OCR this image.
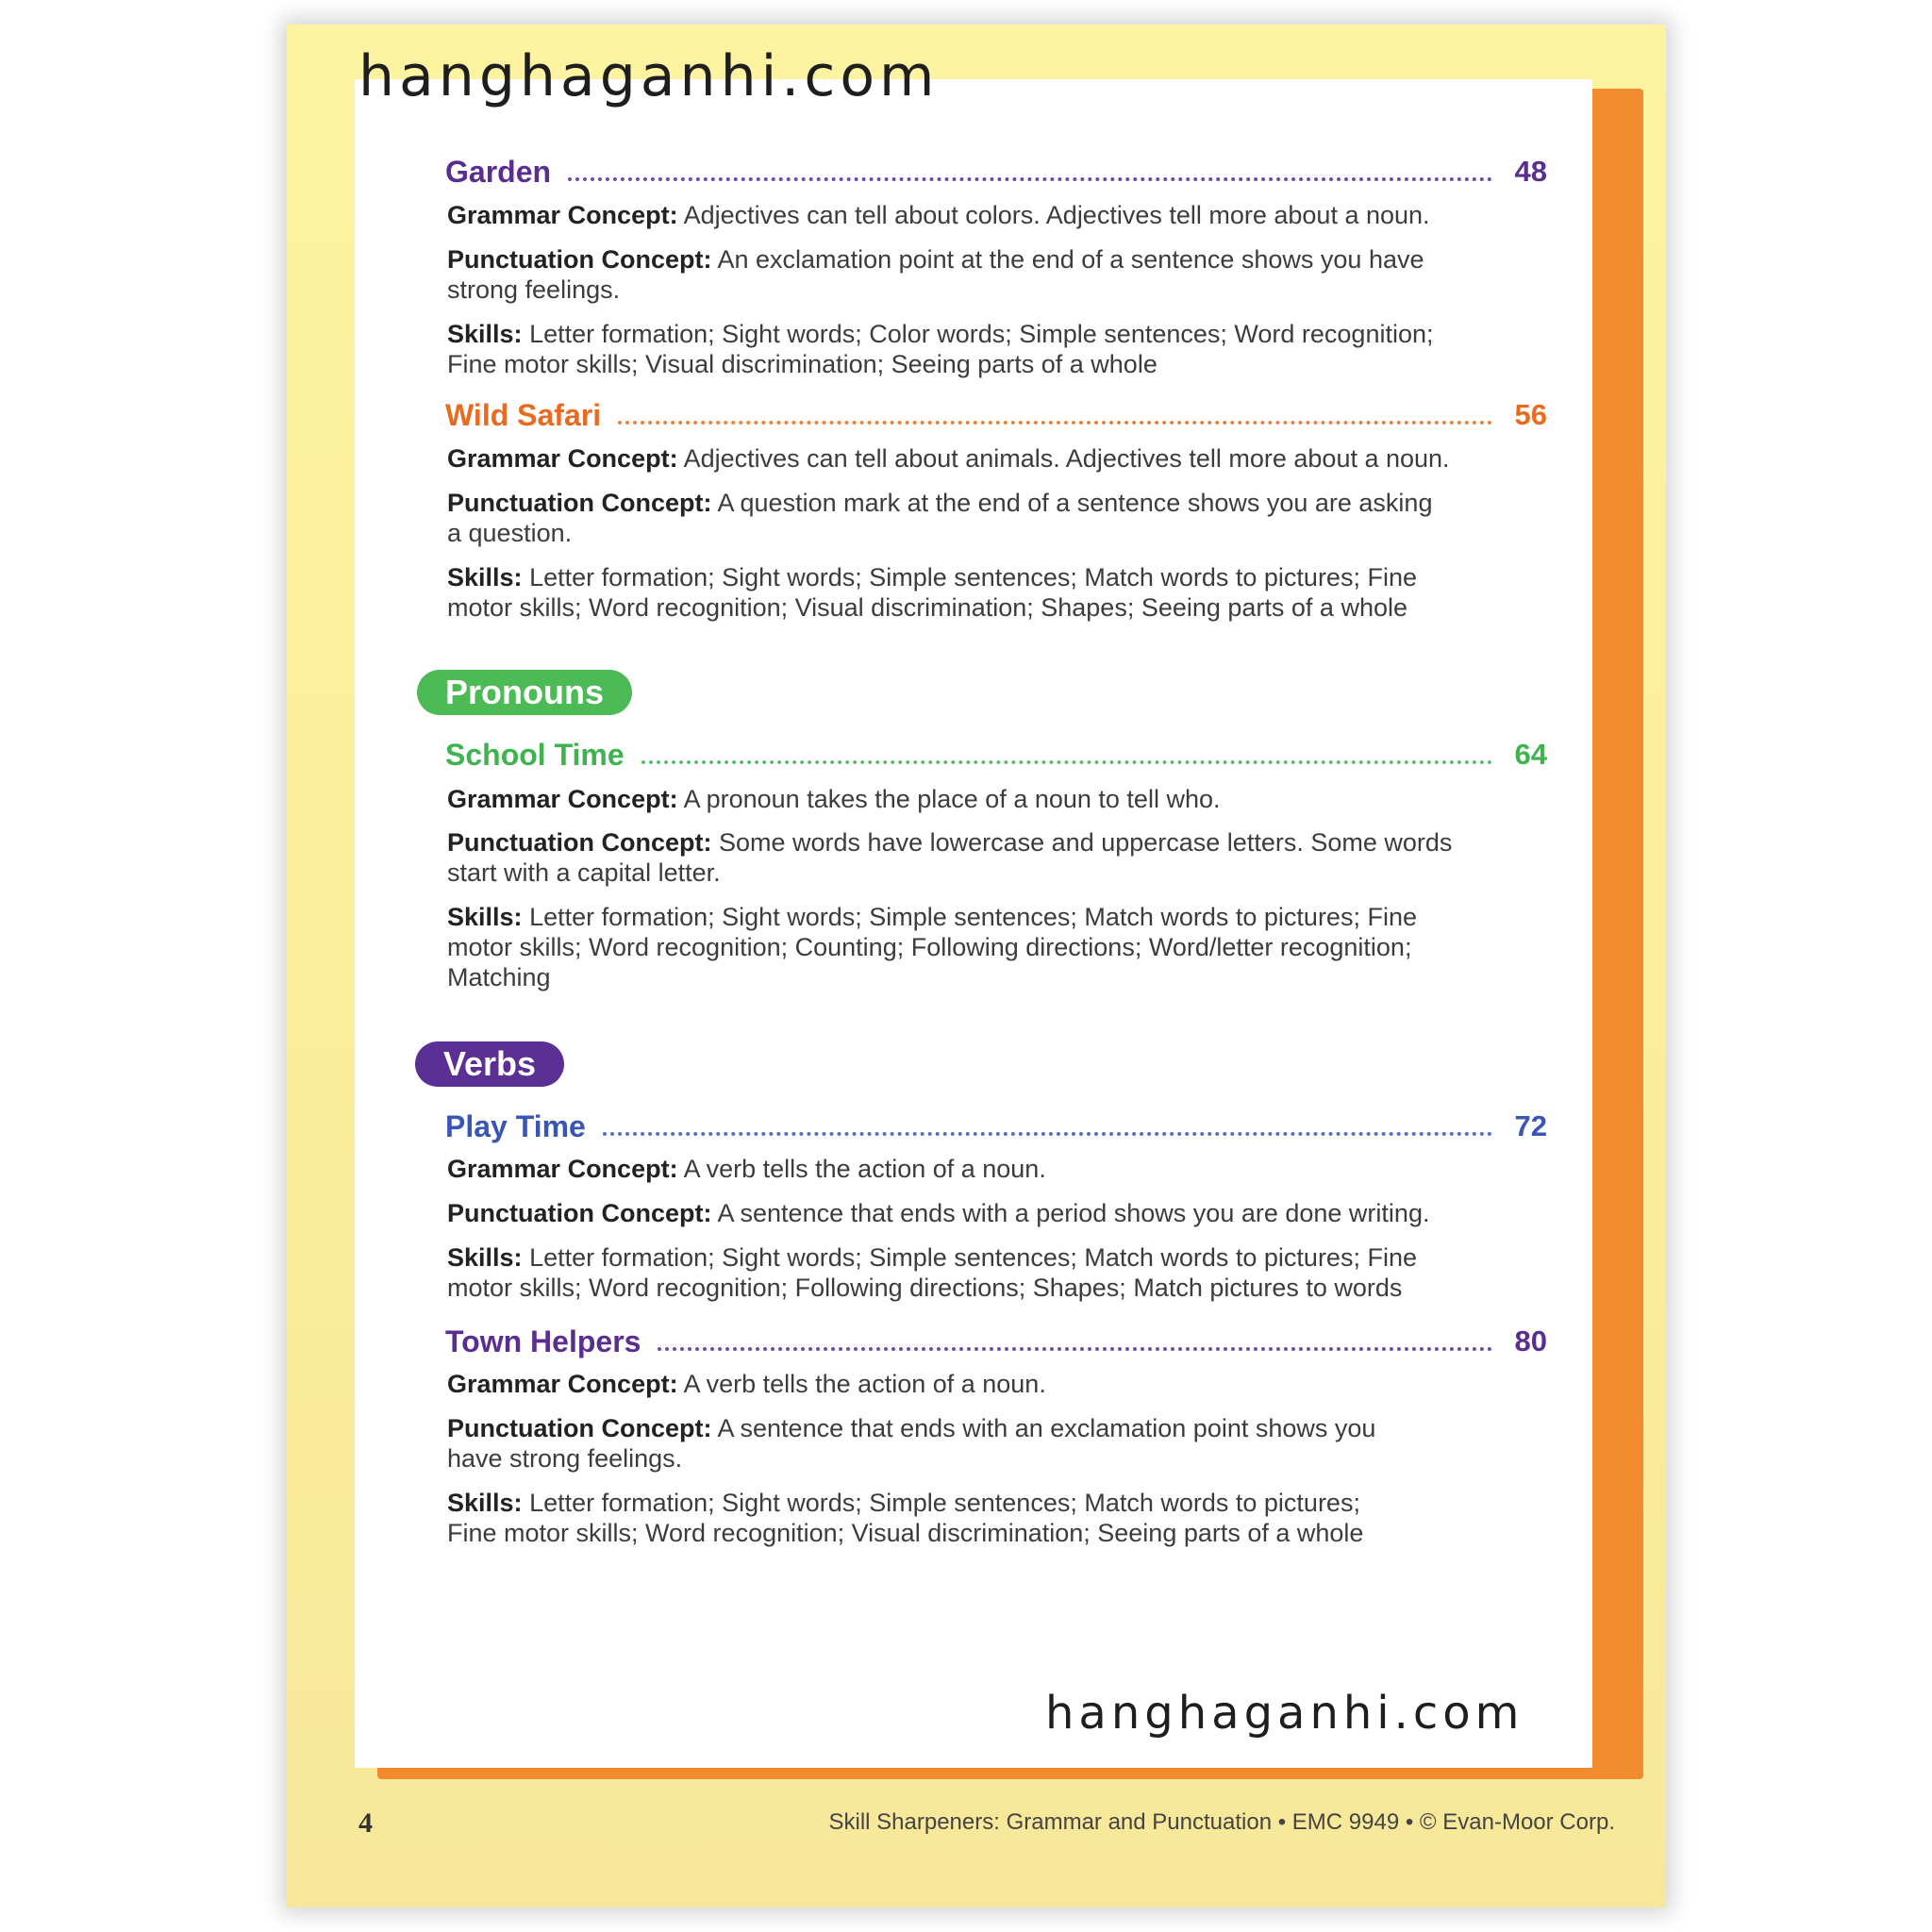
hanghaganhi.com
Garden	48
Grammar Concept: Adjectives can tell about colors. Adjectives tell more about a noun.
Punctuation Concept: An exclamation point at the end of a sentence shows you have
strong feelings.
Skills: Letter formation; Sight words; Color words; Simple sentences; Word recognition;
Fine motor skills; Visual discrimination; Seeing parts of a whole
Wild Safari	56
Grammar Concept: Adjectives can tell about animals. Adjectives tell more about a noun.
Punctuation Concept: A question mark at the end of a sentence shows you are asking
a question.
Skills: Letter formation; Sight words; Simple sentences; Match words to pictures; Fine
motor skills; Word recognition; Visual discrimination; Shapes; Seeing parts of a whole
Pronouns
School Time	64
Grammar Concept: A pronoun takes the place of a noun to tell who.
Punctuation Concept: Some words have lowercase and uppercase letters. Some words
start with a capital letter.
Skills: Letter formation; Sight words; Simple sentences; Match words to pictures; Fine
motor skills; Word recognition; Counting; Following directions; Word/letter recognition;
Matching
Verbs
Play Time	72
Grammar Concept: A verb tells the action of a noun.
Punctuation Concept: A sentence that ends with a period shows you are done writing.
Skills: Letter formation; Sight words; Simple sentences; Match words to pictures; Fine
motor skills; Word recognition; Following directions; Shapes; Match pictures to words
Town Helpers	80
Grammar Concept: A verb tells the action of a noun.
Punctuation Concept: A sentence that ends with an exclamation point shows you
have strong feelings.
Skills: Letter formation; Sight words; Simple sentences; Match words to pictures;
Fine motor skills; Word recognition; Visual discrimination; Seeing parts of a whole
hanghaganhi.com
4	Skill Sharpeners: Grammar and Punctuation • EMC 9949 • © Evan-Moor Corp.
